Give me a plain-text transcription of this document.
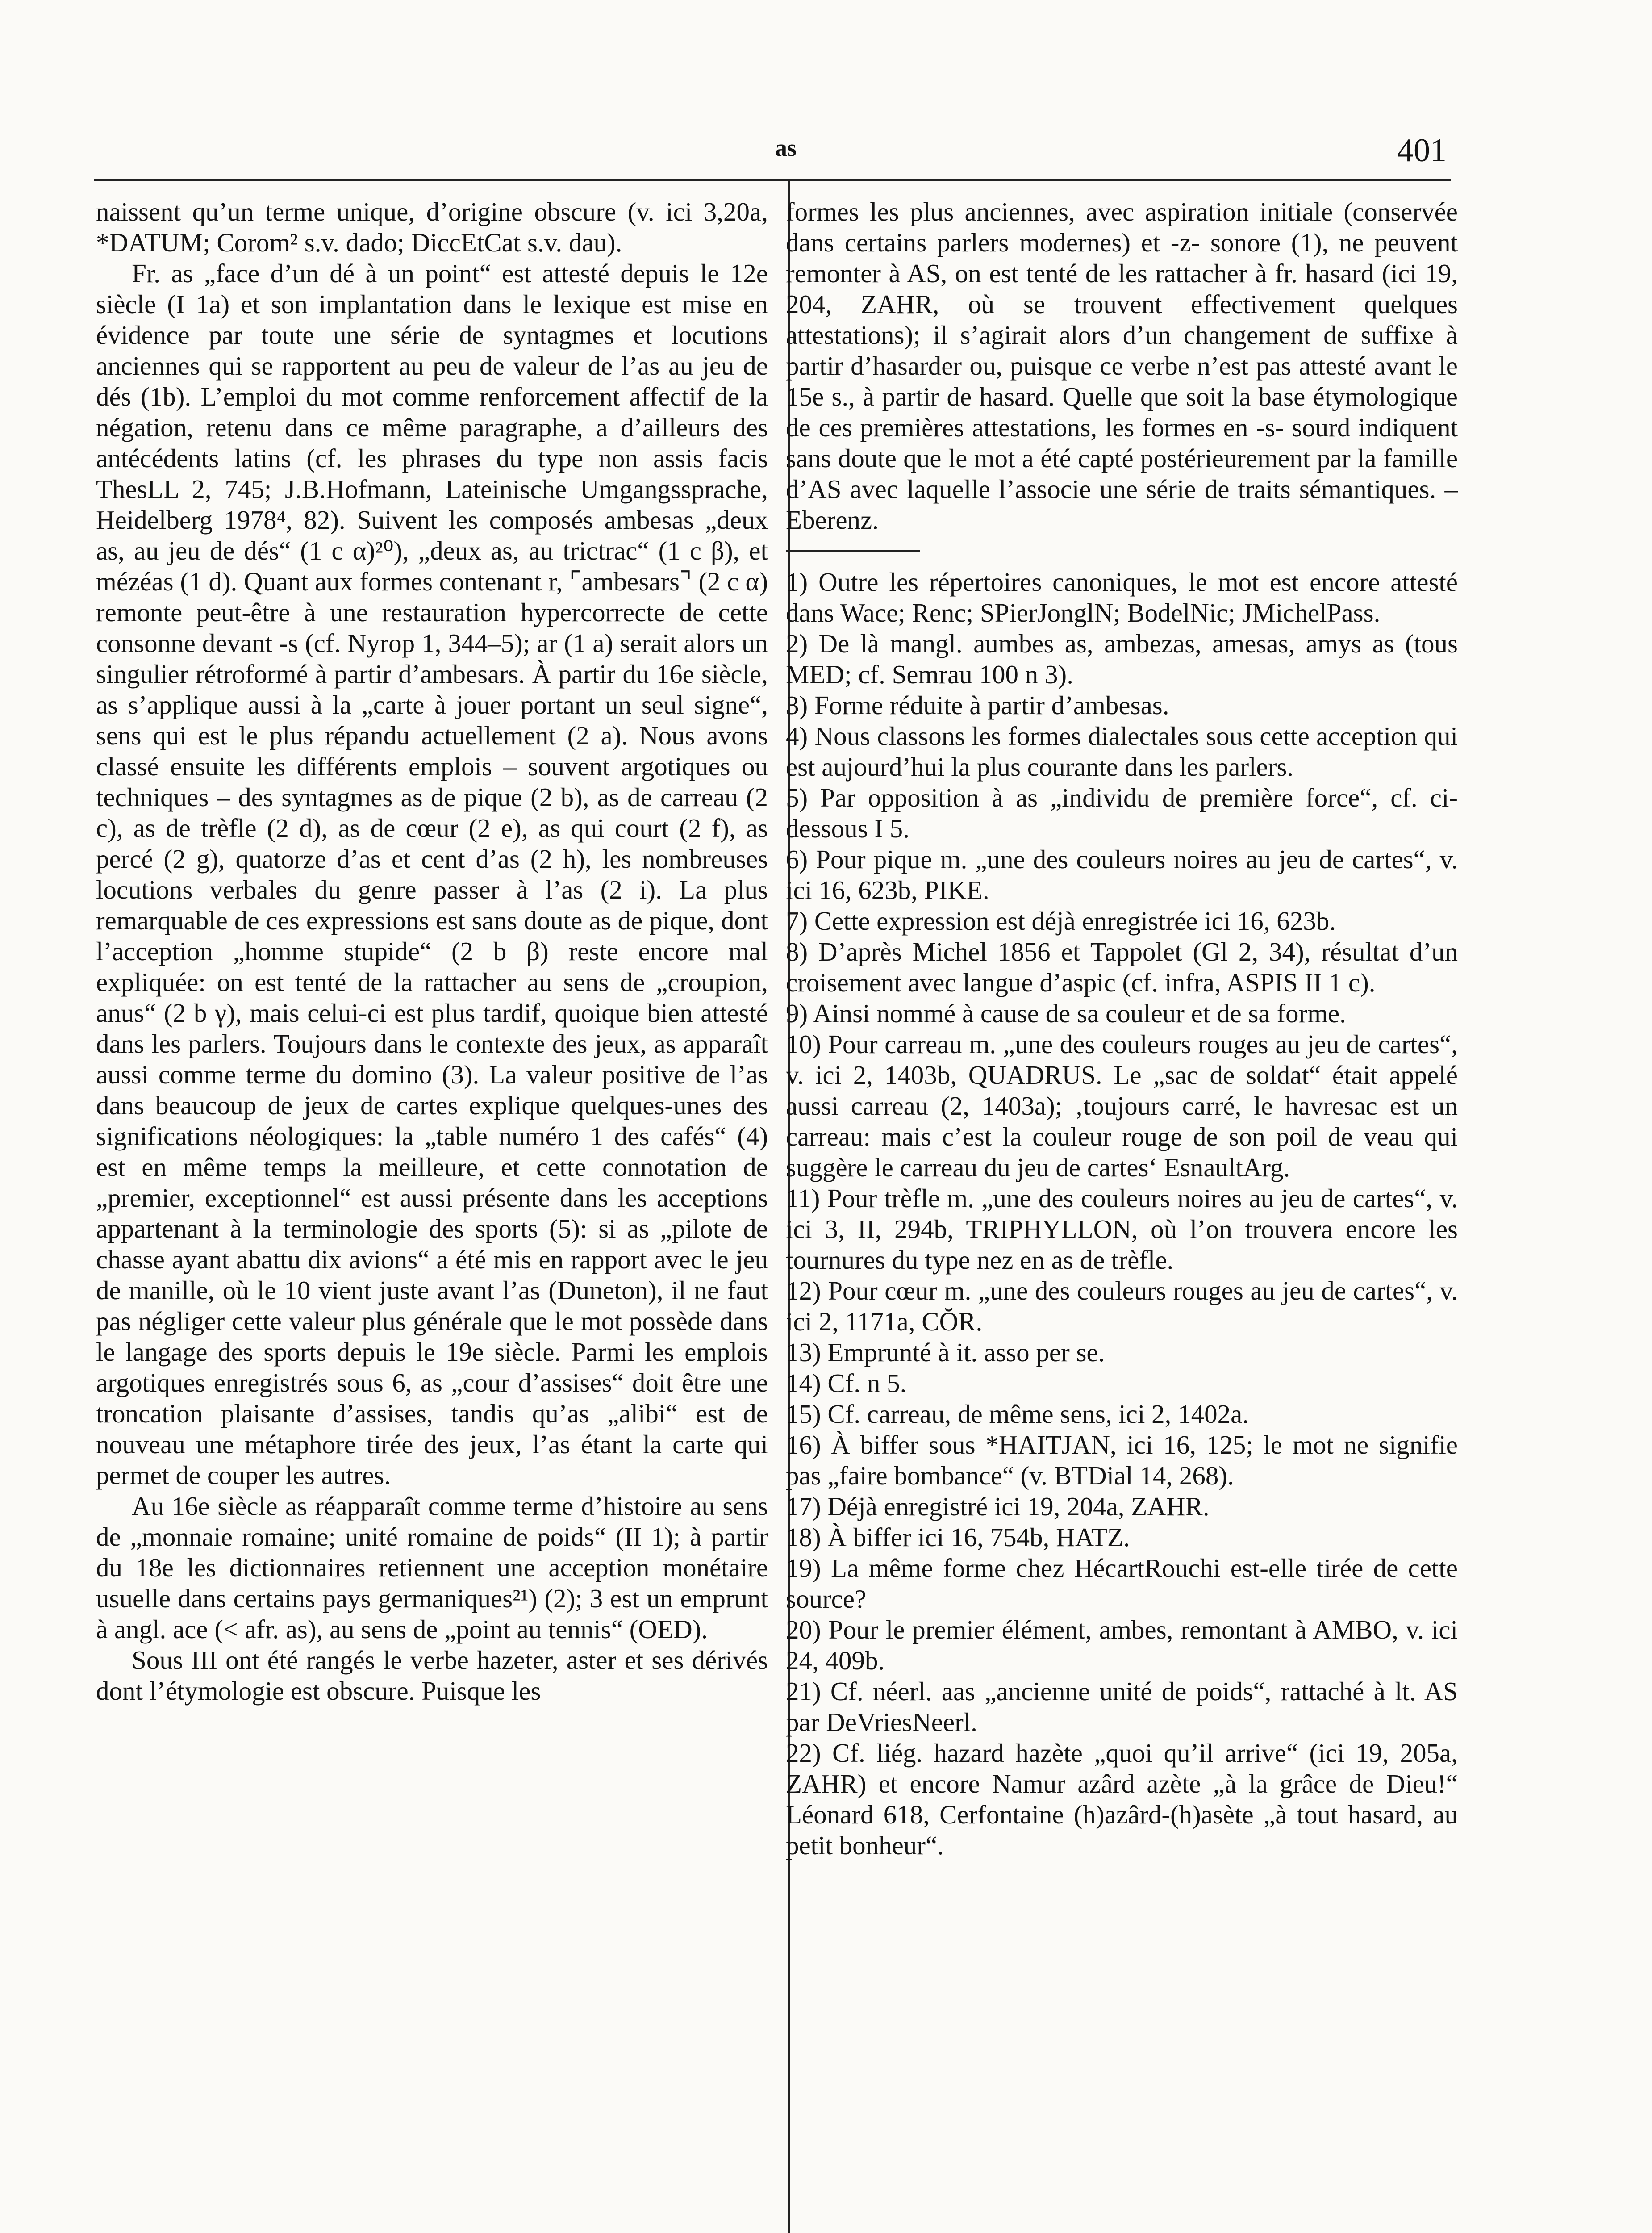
as	401

naissent qu’un terme unique, d’origine obscure (v. ici 3,20a, *DATUM; Corom² s.v. dado; DiccEtCat s.v. dau).

Fr. as „face d’un dé à un point“ est attesté depuis le 12e siècle (I 1a) et son implantation dans le lexique est mise en évidence par toute une série de syntagmes et locutions anciennes qui se rapportent au peu de valeur de l’as au jeu de dés (1b). L’emploi du mot comme renforcement affectif de la négation, retenu dans ce même paragraphe, a d’ailleurs des antécédents latins (cf. les phrases du type non assis facis ThesLL 2, 745; J.B.Hofmann, Lateinische Umgangssprache, Heidelberg 1978⁴, 82). Suivent les composés ambesas „deux as, au jeu de dés“ (1 c α)²⁰), „deux as, au trictrac“ (1 c β), et mézéas (1 d). Quant aux formes contenant r, ⌜ambesars⌝ (2 c α) remonte peut-être à une restauration hypercorrecte de cette consonne devant -s (cf. Nyrop 1, 344–5); ar (1 a) serait alors un singulier rétroformé à partir d’ambesars. À partir du 16e siècle, as s’applique aussi à la „carte à jouer portant un seul signe“, sens qui est le plus répandu actuellement (2 a). Nous avons classé ensuite les différents emplois – souvent argotiques ou techniques – des syntagmes as de pique (2 b), as de carreau (2 c), as de trèfle (2 d), as de cœur (2 e), as qui court (2 f), as percé (2 g), quatorze d’as et cent d’as (2 h), les nombreuses locutions verbales du genre passer à l’as (2 i). La plus remarquable de ces expressions est sans doute as de pique, dont l’acception „homme stupide“ (2 b β) reste encore mal expliquée: on est tenté de la rattacher au sens de „croupion, anus“ (2 b γ), mais celui-ci est plus tardif, quoique bien attesté dans les parlers. Toujours dans le contexte des jeux, as apparaît aussi comme terme du domino (3). La valeur positive de l’as dans beaucoup de jeux de cartes explique quelques-unes des significations néologiques: la „table numéro 1 des cafés“ (4) est en même temps la meilleure, et cette connotation de „premier, exceptionnel“ est aussi présente dans les acceptions appartenant à la terminologie des sports (5): si as „pilote de chasse ayant abattu dix avions“ a été mis en rapport avec le jeu de manille, où le 10 vient juste avant l’as (Duneton), il ne faut pas négliger cette valeur plus générale que le mot possède dans le langage des sports depuis le 19e siècle. Parmi les emplois argotiques enregistrés sous 6, as „cour d’assises“ doit être une troncation plaisante d’assises, tandis qu’as „alibi“ est de nouveau une métaphore tirée des jeux, l’as étant la carte qui permet de couper les autres.

Au 16e siècle as réapparaît comme terme d’histoire au sens de „monnaie romaine; unité romaine de poids“ (II 1); à partir du 18e les dictionnaires retiennent une acception monétaire usuelle dans certains pays germaniques²¹) (2); 3 est un emprunt à angl. ace (< afr. as), au sens de „point au tennis“ (OED).

Sous III ont été rangés le verbe hazeter, aster et ses dérivés dont l’étymologie est obscure. Puisque les

formes les plus anciennes, avec aspiration initiale (conservée dans certains parlers modernes) et -z- sonore (1), ne peuvent remonter à AS, on est tenté de les rattacher à fr. hasard (ici 19, 204, ZAHR, où se trouvent effectivement quelques attestations); il s’agirait alors d’un changement de suffixe à partir d’hasarder ou, puisque ce verbe n’est pas attesté avant le 15e s., à partir de hasard. Quelle que soit la base étymologique de ces premières attestations, les formes en -s- sourd indiquent sans doute que le mot a été capté postérieurement par la famille d’AS avec laquelle l’associe une série de traits sémantiques. – Eberenz.

1) Outre les répertoires canoniques, le mot est encore attesté dans Wace; Renc; SPierJonglN; BodelNic; JMichelPass.

2) De là mangl. aumbes as, ambezas, amesas, amys as (tous MED; cf. Semrau 100 n 3).

3) Forme réduite à partir d’ambesas.

4) Nous classons les formes dialectales sous cette acception qui est aujourd’hui la plus courante dans les parlers.

5) Par opposition à as „individu de première force“, cf. ci-dessous I 5.

6) Pour pique m. „une des couleurs noires au jeu de cartes“, v. ici 16, 623b, PIKE.

7) Cette expression est déjà enregistrée ici 16, 623b.

8) D’après Michel 1856 et Tappolet (Gl 2, 34), résultat d’un croisement avec langue d’aspic (cf. infra, ASPIS II 1 c).

9) Ainsi nommé à cause de sa couleur et de sa forme.

10) Pour carreau m. „une des couleurs rouges au jeu de cartes“, v. ici 2, 1403b, QUADRUS. Le „sac de soldat“ était appelé aussi carreau (2, 1403a); ‚toujours carré, le havresac est un carreau: mais c’est la couleur rouge de son poil de veau qui suggère le carreau du jeu de cartes‘ EsnaultArg.

11) Pour trèfle m. „une des couleurs noires au jeu de cartes“, v. ici 3, II, 294b, TRIPHYLLON, où l’on trouvera encore les tournures du type nez en as de trèfle.

12) Pour cœur m. „une des couleurs rouges au jeu de cartes“, v. ici 2, 1171a, CŎR.

13) Emprunté à it. asso per se.

14) Cf. n 5.

15) Cf. carreau, de même sens, ici 2, 1402a.

16) À biffer sous *HAITJAN, ici 16, 125; le mot ne signifie pas „faire bombance“ (v. BTDial 14, 268).

17) Déjà enregistré ici 19, 204a, ZAHR.

18) À biffer ici 16, 754b, HATZ.

19) La même forme chez HécartRouchi est-elle tirée de cette source?

20) Pour le premier élément, ambes, remontant à AMBO, v. ici 24, 409b.

21) Cf. néerl. aas „ancienne unité de poids“, rattaché à lt. AS par DeVriesNeerl.

22) Cf. liég. hazard hazète „quoi qu’il arrive“ (ici 19, 205a, ZAHR) et encore Namur azârd azète „à la grâce de Dieu!“ Léonard 618, Cerfontaine (h)azârd-(h)asète „à tout hasard, au petit bonheur“.
